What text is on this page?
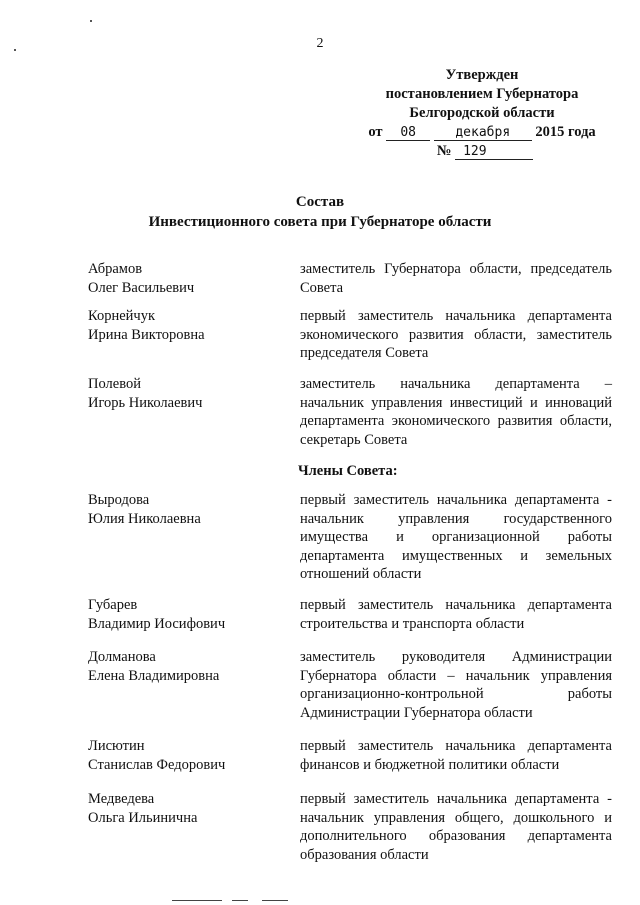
2
Утвержден
постановлением Губернатора
Белгородской области
от 08	декабря 2015 года
№ 129
Состав
Инвестиционного совета при Губернаторе области
Абрамов
Олег Васильевич
заместитель Губернатора области, председатель Совета
Корнейчук
Ирина Викторовна
первый заместитель начальника департамента экономического развития области, заместитель председателя Совета
Полевой
Игорь Николаевич
заместитель начальника департамента – начальник управления инвестиций и инноваций департамента экономического развития области, секретарь Совета
Члены Совета:
Выродова
Юлия Николаевна
первый заместитель начальника департамента - начальник управления государственного имущества и организационной работы департамента имущественных и земельных отношений области
Губарев
Владимир Иосифович
первый заместитель начальника департамента строительства и транспорта области
Долманова
Елена Владимировна
заместитель руководителя Администрации Губернатора области – начальник управления организационно-контрольной работы Администрации Губернатора области
Лисютин
Станислав Федорович
первый заместитель начальника департамента финансов и бюджетной политики области
Медведева
Ольга Ильинична
первый заместитель начальника департамента - начальник управления общего, дошкольного и дополнительного образования департамента образования области
